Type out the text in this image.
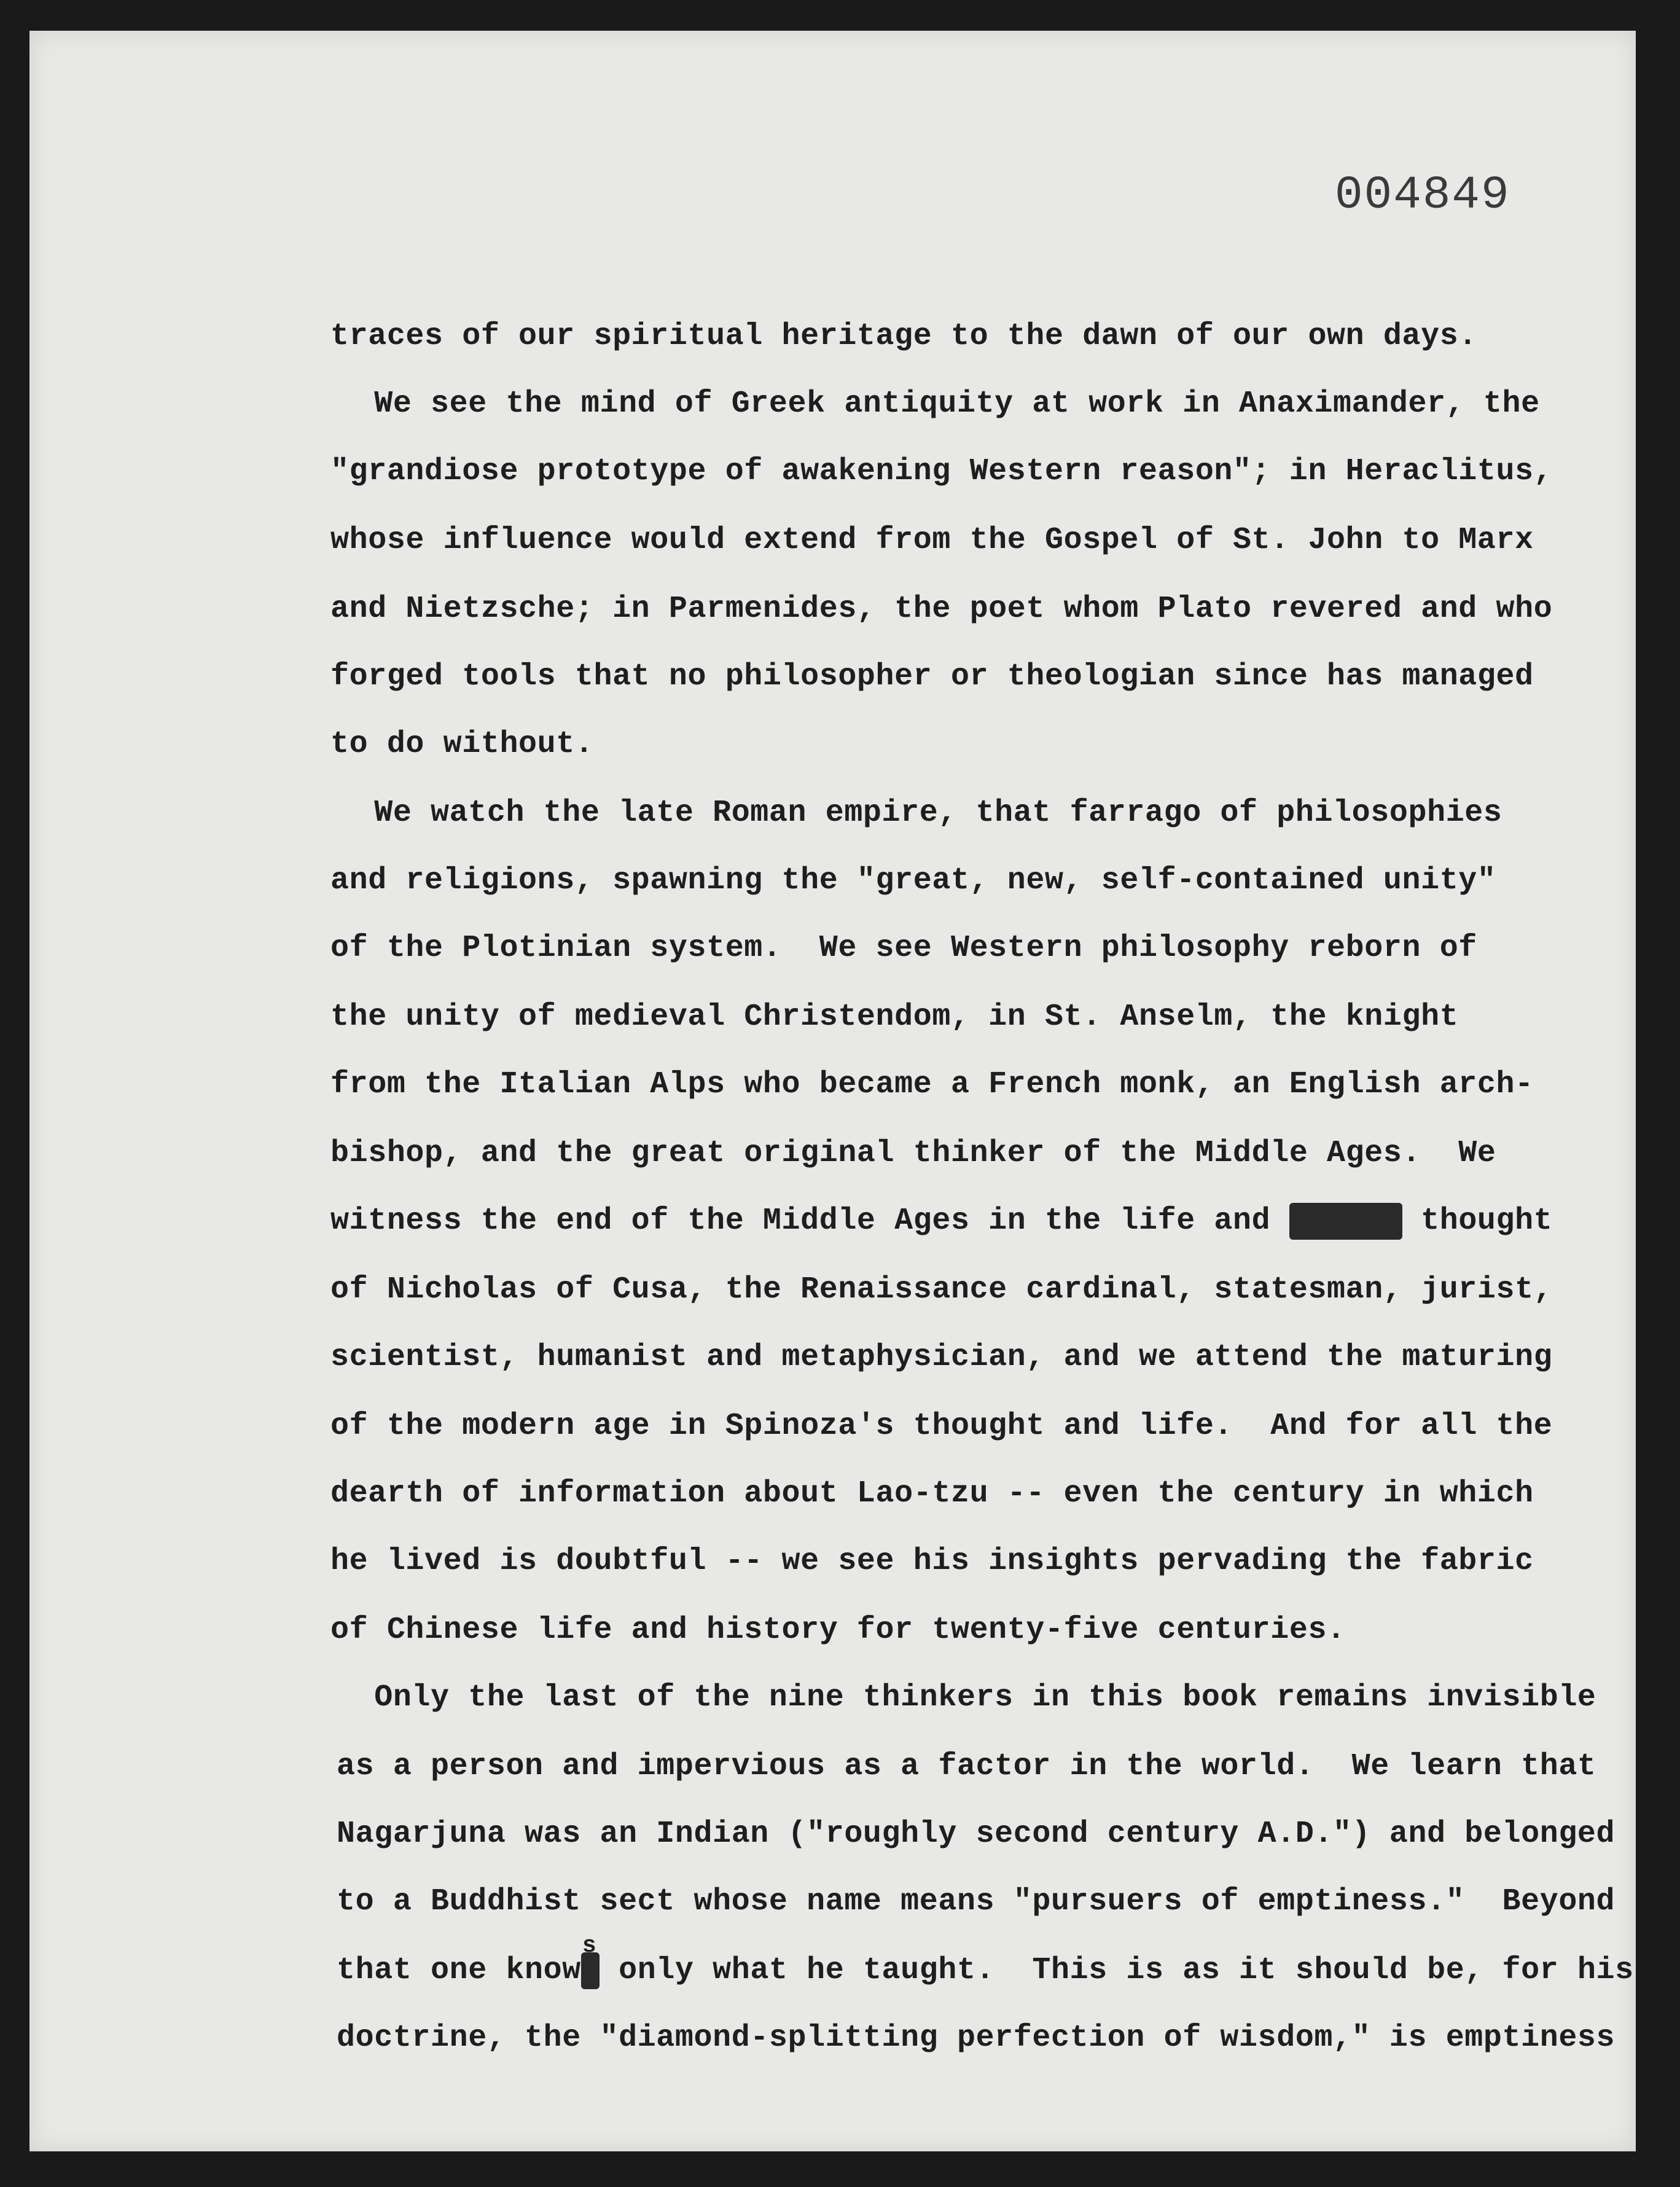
004849
traces of our spiritual heritage to the dawn of our own days.
We see the mind of Greek antiquity at work in Anaximander, the
"grandiose prototype of awakening Western reason"; in Heraclitus,
whose influence would extend from the Gospel of St. John to Marx
and Nietzsche; in Parmenides, the poet whom Plato revered and who
forged tools that no philosopher or theologian since has managed
to do without.
We watch the late Roman empire, that farrago of philosophies
and religions, spawning the "great, new, self-contained unity"
of the Plotinian system.  We see Western philosophy reborn of
the unity of medieval Christendom, in St. Anselm, the knight
from the Italian Alps who became a French monk, an English arch-
bishop, and the great original thinker of the Middle Ages.  We
witness the end of the Middle Ages in the life and XXXXXX thought
of Nicholas of Cusa, the Renaissance cardinal, statesman, jurist,
scientist, humanist and metaphysician, and we attend the maturing
of the modern age in Spinoza's thought and life.  And for all the
dearth of information about Lao-tzu -- even the century in which
he lived is doubtful -- we see his insights pervading the fabric
of Chinese life and history for twenty-five centuries.
Only the last of the nine thinkers in this book remains invisible
as a person and impervious as a factor in the world.  We learn that
Nagarjuna was an Indian ("roughly second century A.D.") and belonged
to a Buddhist sect whose name means "pursuers of emptiness."  Beyond
that one know
s
s only what he taught.  This is as it should be, for his
doctrine, the "diamond-splitting perfection of wisdom," is emptiness
